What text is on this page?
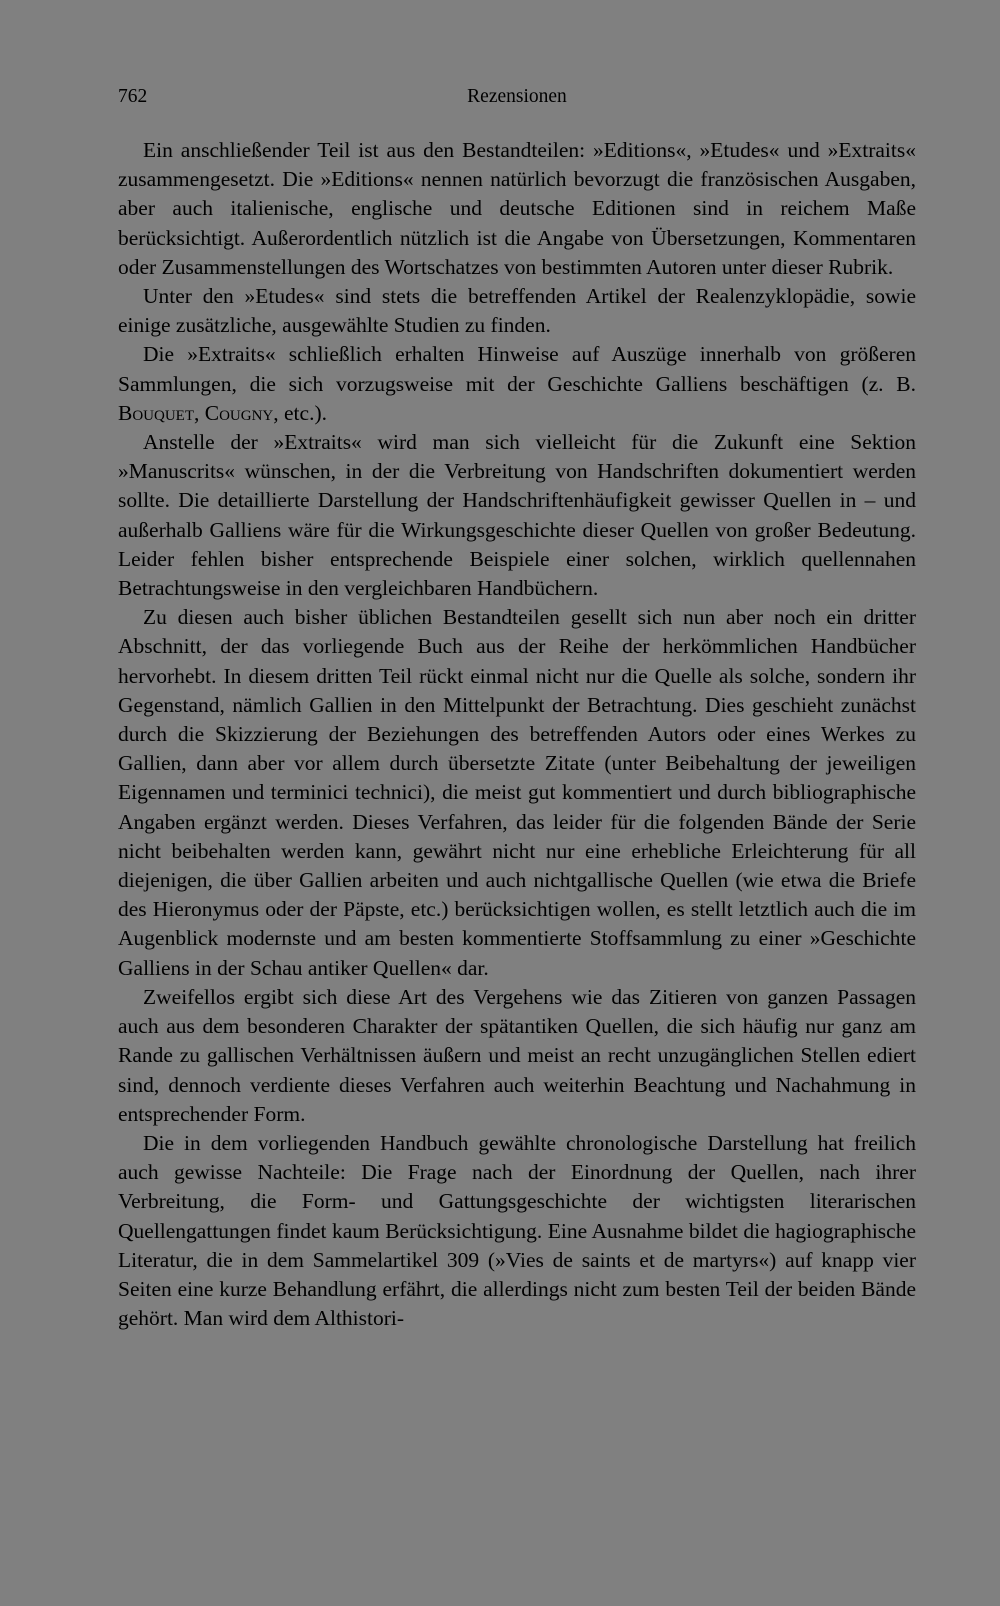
762	Rezensionen

Ein anschließender Teil ist aus den Bestandteilen: »Editions«, »Etudes« und »Extraits« zusammengesetzt. Die »Editions« nennen natürlich bevorzugt die französischen Ausgaben, aber auch italienische, englische und deutsche Editionen sind in reichem Maße berücksichtigt. Außerordentlich nützlich ist die Angabe von Übersetzungen, Kommentaren oder Zusammenstellungen des Wortschatzes von bestimmten Autoren unter dieser Rubrik.

Unter den »Etudes« sind stets die betreffenden Artikel der Realenzyklopädie, sowie einige zusätzliche, ausgewählte Studien zu finden.

Die »Extraits« schließlich erhalten Hinweise auf Auszüge innerhalb von größeren Sammlungen, die sich vorzugsweise mit der Geschichte Galliens beschäftigen (z. B. Bouquet, Cougny, etc.).

Anstelle der »Extraits« wird man sich vielleicht für die Zukunft eine Sektion »Manuscrits« wünschen, in der die Verbreitung von Handschriften dokumentiert werden sollte. Die detaillierte Darstellung der Handschriftenhäufigkeit gewisser Quellen in – und außerhalb Galliens wäre für die Wirkungsgeschichte dieser Quellen von großer Bedeutung. Leider fehlen bisher entsprechende Beispiele einer solchen, wirklich quellennahen Betrachtungsweise in den vergleichbaren Handbüchern.

Zu diesen auch bisher üblichen Bestandteilen gesellt sich nun aber noch ein dritter Abschnitt, der das vorliegende Buch aus der Reihe der herkömmlichen Handbücher hervorhebt. In diesem dritten Teil rückt einmal nicht nur die Quelle als solche, sondern ihr Gegenstand, nämlich Gallien in den Mittelpunkt der Betrachtung. Dies geschieht zunächst durch die Skizzierung der Beziehungen des betreffenden Autors oder eines Werkes zu Gallien, dann aber vor allem durch übersetzte Zitate (unter Beibehaltung der jeweiligen Eigennamen und terminici technici), die meist gut kommentiert und durch bibliographische Angaben ergänzt werden. Dieses Verfahren, das leider für die folgenden Bände der Serie nicht beibehalten werden kann, gewährt nicht nur eine erhebliche Erleichterung für all diejenigen, die über Gallien arbeiten und auch nichtgallische Quellen (wie etwa die Briefe des Hieronymus oder der Päpste, etc.) berücksichtigen wollen, es stellt letztlich auch die im Augenblick modernste und am besten kommentierte Stoffsammlung zu einer »Geschichte Galliens in der Schau antiker Quellen« dar.

Zweifellos ergibt sich diese Art des Vergehens wie das Zitieren von ganzen Passagen auch aus dem besonderen Charakter der spätantiken Quellen, die sich häufig nur ganz am Rande zu gallischen Verhältnissen äußern und meist an recht unzugänglichen Stellen ediert sind, dennoch verdiente dieses Verfahren auch weiterhin Beachtung und Nachahmung in entsprechender Form.

Die in dem vorliegenden Handbuch gewählte chronologische Darstellung hat freilich auch gewisse Nachteile: Die Frage nach der Einordnung der Quellen, nach ihrer Verbreitung, die Form- und Gattungsgeschichte der wichtigsten literarischen Quellengattungen findet kaum Berücksichtigung. Eine Ausnahme bildet die hagiographische Literatur, die in dem Sammelartikel 309 (»Vies de saints et de martyrs«) auf knapp vier Seiten eine kurze Behandlung erfährt, die allerdings nicht zum besten Teil der beiden Bände gehört. Man wird dem Althistori-
